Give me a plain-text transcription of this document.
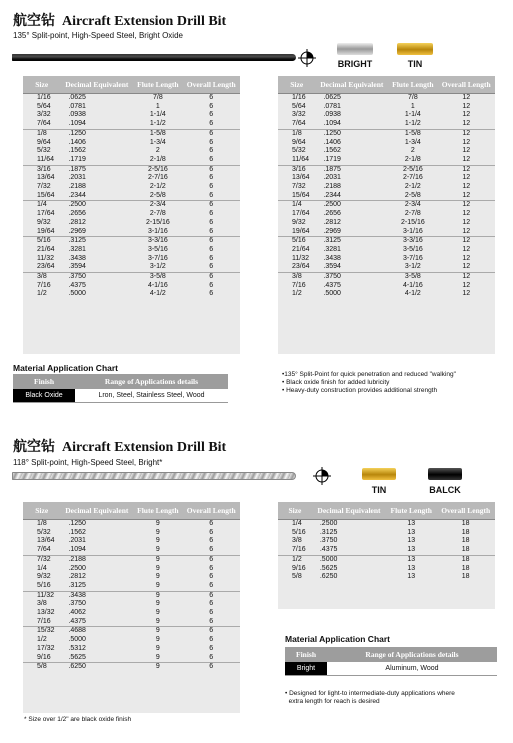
航空钻 Aircraft Extension Drill Bit
135° Split-point, High-Speed Steel, Bright Oxide
BRIGHT	TIN
Size	Decimal Equivalent	Flute Length	Overall Length
1/16	.0625	7/8	6
5/64	.0781	1	6
3/32	.0938	1-1/4	6
7/64	.1094	1-1/2	6
1/8	.1250	1-5/8	6
9/64	.1406	1-3/4	6
5/32	.1562	2	6
11/64	.1719	2-1/8	6
3/16	.1875	2-5/16	6
13/64	.2031	2-7/16	6
7/32	.2188	2-1/2	6
15/64	.2344	2-5/8	6
1/4	.2500	2-3/4	6
17/64	.2656	2-7/8	6
9/32	.2812	2-15/16	6
19/64	.2969	3-1/16	6
5/16	.3125	3-3/16	6
21/64	.3281	3-5/16	6
11/32	.3438	3-7/16	6
23/64	.3594	3-1/2	6
3/8	.3750	3-5/8	6
7/16	.4375	4-1/16	6
1/2	.5000	4-1/2	6
Size	Decimal Equivalent	Flute Length	Overall Length
1/16	.0625	7/8	12
5/64	.0781	1	12
3/32	.0938	1-1/4	12
7/64	.1094	1-1/2	12
1/8	.1250	1-5/8	12
9/64	.1406	1-3/4	12
5/32	.1562	2	12
11/64	.1719	2-1/8	12
3/16	.1875	2-5/16	12
13/64	.2031	2-7/16	12
7/32	.2188	2-1/2	12
15/64	.2344	2-5/8	12
1/4	.2500	2-3/4	12
17/64	.2656	2-7/8	12
9/32	.2812	2-15/16	12
19/64	.2969	3-1/16	12
5/16	.3125	3-3/16	12
21/64	.3281	3-5/16	12
11/32	.3438	3-7/16	12
23/64	.3594	3-1/2	12
3/8	.3750	3-5/8	12
7/16	.4375	4-1/16	12
1/2	.5000	4-1/2	12
Material Application Chart
Finish	Range of Applications details
Black Oxide	Lron, Steel, Stainless Steel, Wood
•135° Split-Point for quick penetration and reduced "walking"
• Black oxide finish for added lubricity
• Heavy-duty construction provides additional strength
航空钻 Aircraft Extension Drill Bit
118° Split-point, High-Speed Steel, Bright*
TIN	BALCK
Size	Decimal Equivalent	Flute Length	Overall Length
1/8	.1250	9	6
5/32	.1562	9	6
13/64	.2031	9	6
7/64	.1094	9	6
7/32	.2188	9	6
1/4	.2500	9	6
9/32	.2812	9	6
5/16	.3125	9	6
11/32	.3438	9	6
3/8	.3750	9	6
13/32	.4062	9	6
7/16	.4375	9	6
15/32	.4688	9	6
1/2	.5000	9	6
17/32	.5312	9	6
9/16	.5625	9	6
5/8	.6250	9	6
Size	Decimal Equivalent	Flute Length	Overall Length
1/4	.2500	13	18
5/16	.3125	13	18
3/8	.3750	13	18
7/16	.4375	13	18
1/2	.5000	13	18
9/16	.5625	13	18
5/8	.6250	13	18
* Size over 1/2" are black oxide finish
Material Application Chart
Finish	Range of Applications details
Bright	Aluminum, Wood
• Designed for light-to intermediate-duty applications where
extra length for reach is desired
